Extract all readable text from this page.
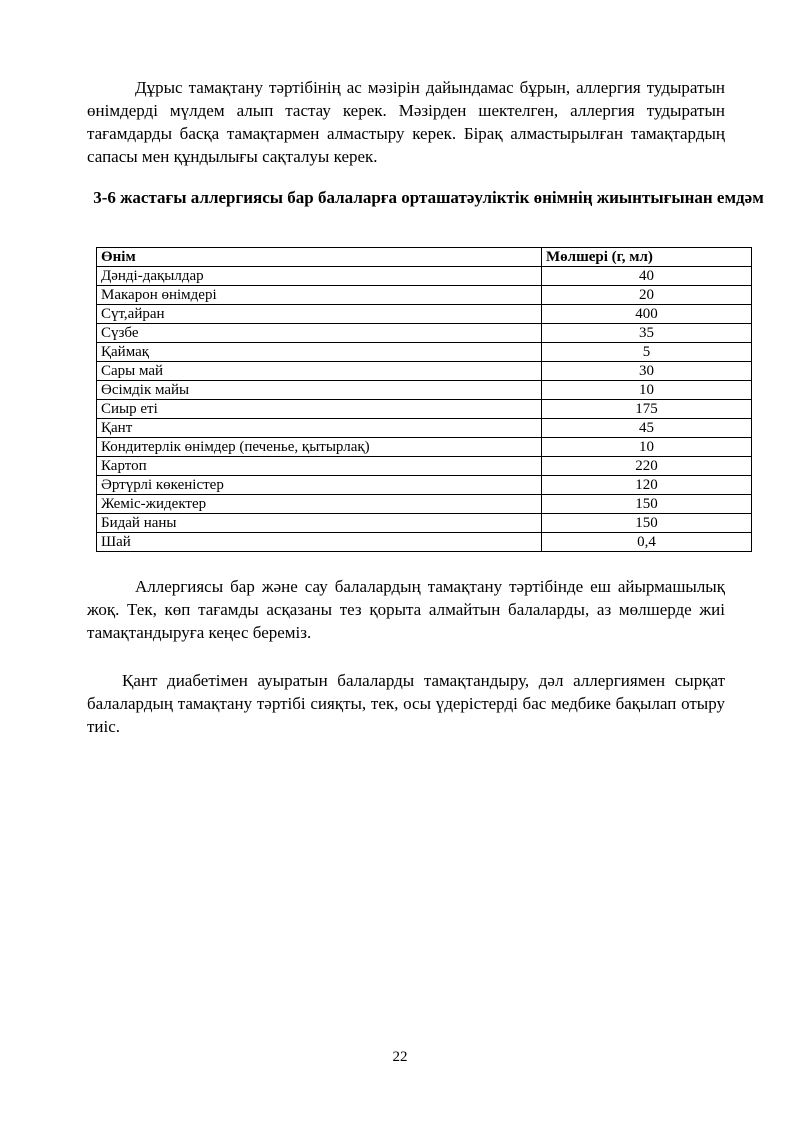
Дұрыс тамақтану тәртібінің ас мәзірін дайындамас бұрын, аллергия тудыратын өнімдерді мүлдем алып тастау керек. Мәзірден шектелген, аллергия тудыратын тағамдарды басқа тамақтармен алмастыру керек. Бірақ алмастырылған тамақтардың сапасы мен құндылығы сақталуы керек.

3-6 жастағы аллергиясы бар балаларға орташатәуліктік өнімнің жиынтығынан емдәм

Өнім	Мөлшері (г, мл)
Дәнді-дақылдар	40
Макарон өнімдері	20
Сүт,айран	400
Сүзбе	35
Қаймақ	5
Сары май	30
Өсімдік майы	10
Сиыр еті	175
Қант	45
Кондитерлік өнімдер (печенье, қытырлақ)	10
Картоп	220
Әртүрлі көкеністер	120
Жеміс-жидектер	150
Бидай наны	150
Шай	0,4

Аллергиясы бар және сау балалардың тамақтану тәртібінде еш айырмашылық жоқ. Тек, көп тағамды асқазаны тез қорыта алмайтын балаларды, аз мөлшерде жиі тамақтандыруға кеңес береміз.

Қант диабетімен ауыратын балаларды тамақтандыру, дәл аллергиямен сырқат балалардың тамақтану тәртібі сияқты, тек, осы үдерістерді бас медбике бақылап отыру тиіс.

22
